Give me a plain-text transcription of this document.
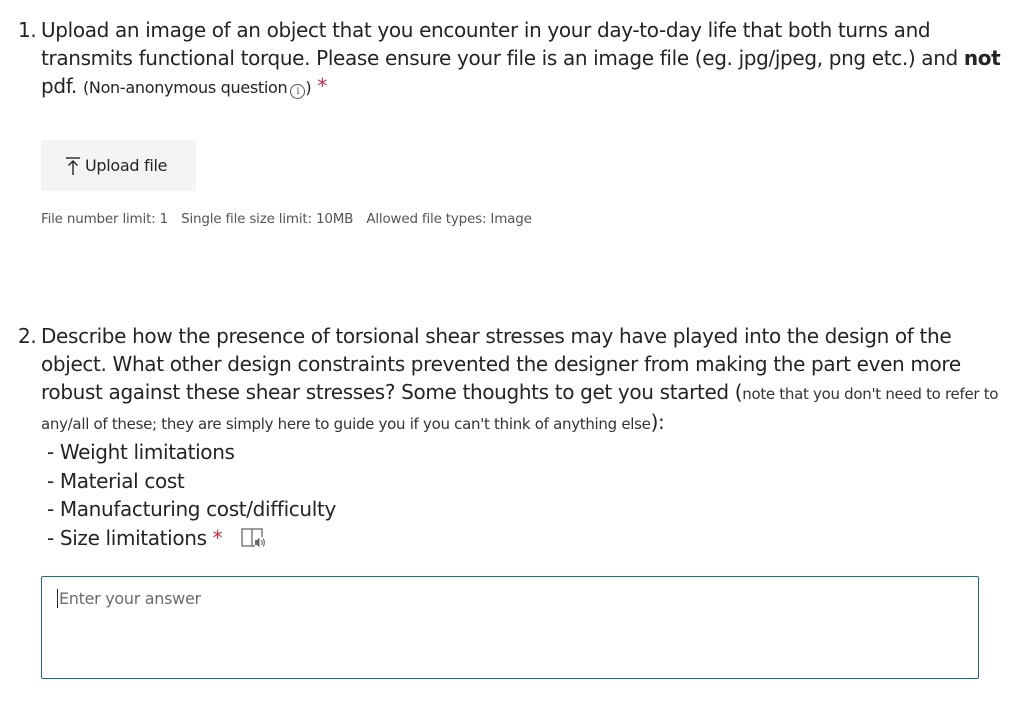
1. Upload an image of an object that you encounter in your day-to-day life that both turns and transmits functional torque. Please ensure your file is an image file (eg. jpg/jpeg, png etc.) and not pdf. (Non-anonymous question i ) *
Upload file
File number limit: 1 Single file size limit: 10MB Allowed file types: Image
2. Describe how the presence of torsional shear stresses may have played into the design of the object. What other design constraints prevented the designer from making the part even more robust against these shear stresses? Some thoughts to get you started (note that you don't need to refer to any/all of these; they are simply here to guide you if you can't think of anything else):
- Weight limitations
- Material cost
- Manufacturing cost/difficulty
- Size limitations *
Enter your answer
